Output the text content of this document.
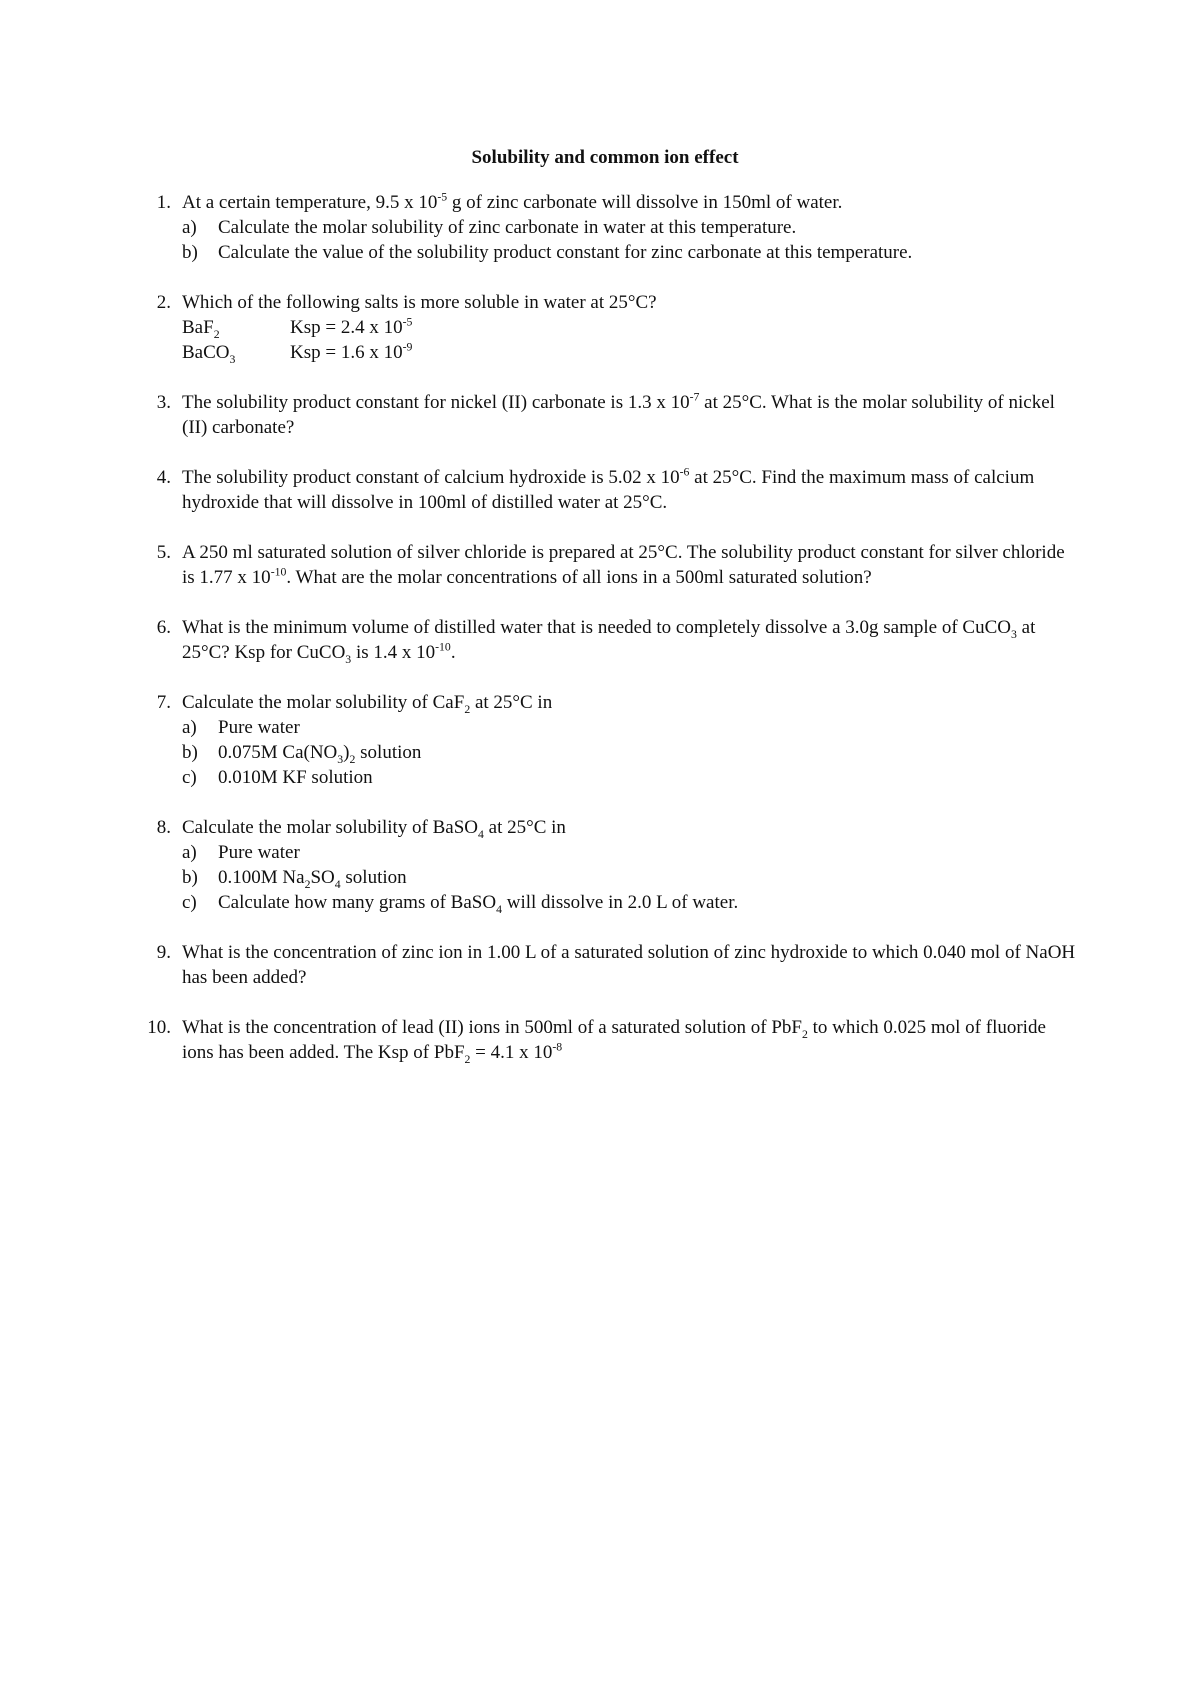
Solubility and common ion effect
1. At a certain temperature, 9.5 x $10^{-5}$ g of zinc carbonate will dissolve in 150ml of water.
a) Calculate the molar solubility of zinc carbonate in water at this temperature.
b) Calculate the value of the solubility product constant for zinc carbonate at this temperature.
2. Which of the following salts is more soluble in water at 25°C?
BaF$_2$	Ksp = 2.4 x $10^{-5}$
BaCO$_3$	Ksp = 1.6 x $10^{-9}$
3. The solubility product constant for nickel (II) carbonate is 1.3 x $10^{-7}$ at 25°C. What is the molar solubility of nickel (II) carbonate?
4. The solubility product constant of calcium hydroxide is 5.02 x $10^{-6}$ at 25°C. Find the maximum mass of calcium hydroxide that will dissolve in 100ml of distilled water at 25°C.
5. A 250 ml saturated solution of silver chloride is prepared at 25°C. The solubility product constant for silver chloride is 1.77 x $10^{-10}$. What are the molar concentrations of all ions in a 500ml saturated solution?
6. What is the minimum volume of distilled water that is needed to completely dissolve a 3.0g sample of CuCO$_3$ at 25°C? Ksp for CuCO$_3$ is 1.4 x $10^{-10}$.
7. Calculate the molar solubility of CaF$_2$ at 25°C in
a) Pure water
b) 0.075M $Ca(NO_3)_2$ solution
c) 0.010M KF solution
8. Calculate the molar solubility of BaSO$_4$ at 25°C in
a) Pure water
b) 0.100M $Na_2SO_4$ solution
c) Calculate how many grams of BaSO$_4$ will dissolve in 2.0 L of water.
9. What is the concentration of zinc ion in 1.00 L of a saturated solution of zinc hydroxide to which 0.040 mol of NaOH has been added?
10. What is the concentration of lead (II) ions in 500ml of a saturated solution of PbF$_2$ to which 0.025 mol of fluoride ions has been added. The Ksp of PbF$_2$ = 4.1 x $10^{-8}$
